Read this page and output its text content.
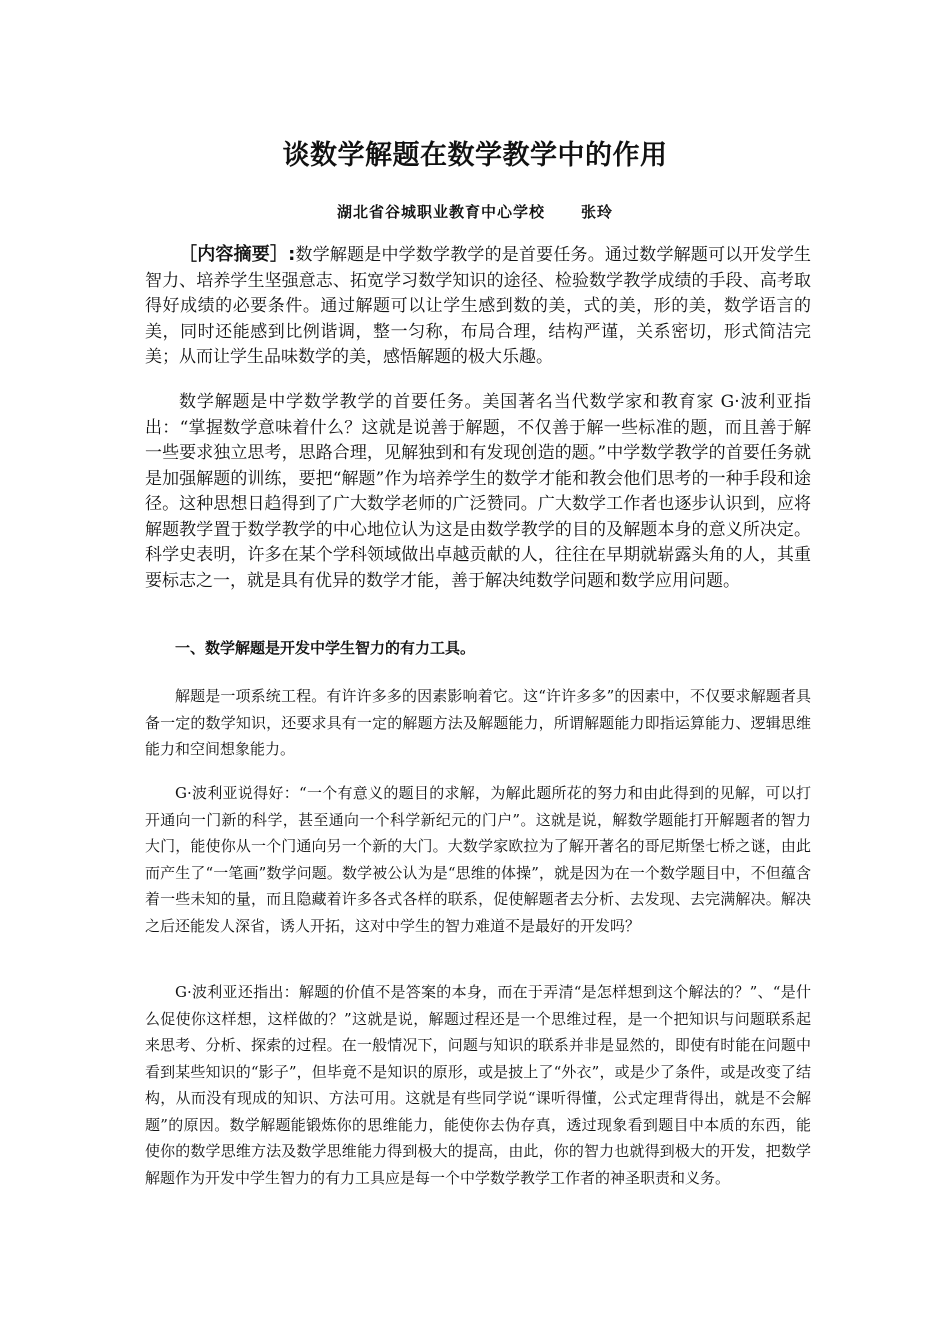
谈数学解题在数学教学中的作用
湖北省谷城职业教育中心学校 张玲

［内容摘要］:数学解题是中学数学教学的是首要任务。通过数学解题可以开发学生智力、培养学生坚强意志、拓宽学习数学知识的途径、检验数学教学成绩的手段、高考取得好成绩的必要条件。通过解题可以让学生感到数的美，式的美，形的美，数学语言的美，同时还能感到比例谐调，整一匀称，布局合理，结构严谨，关系密切，形式简洁完美；从而让学生品味数学的美，感悟解题的极大乐趣。

数学解题是中学数学教学的首要任务。美国著名当代数学家和教育家 G·波利亚指出：“掌握数学意味着什么？这就是说善于解题，不仅善于解一些标准的题，而且善于解一些要求独立思考，思路合理，见解独到和有发现创造的题。”中学数学教学的首要任务就是加强解题的训练，要把“解题”作为培养学生的数学才能和教会他们思考的一种手段和途径。这种思想日趋得到了广大数学老师的广泛赞同。广大数学工作者也逐步认识到，应将解题教学置于数学教学的中心地位认为这是由数学教学的目的及解题本身的意义所决定。科学史表明，许多在某个学科领域做出卓越贡献的人，往往在早期就崭露头角的人，其重要标志之一，就是具有优异的数学才能，善于解决纯数学问题和数学应用问题。

一、数学解题是开发中学生智力的有力工具。

解题是一项系统工程。有许许多多的因素影响着它。这“许许多多”的因素中，不仅要求解题者具备一定的数学知识，还要求具有一定的解题方法及解题能力，所谓解题能力即指运算能力、逻辑思维能力和空间想象能力。

G·波利亚说得好：“一个有意义的题目的求解，为解此题所花的努力和由此得到的见解，可以打开通向一门新的科学，甚至通向一个科学新纪元的门户”。这就是说，解数学题能打开解题者的智力大门，能使你从一个门通向另一个新的大门。大数学家欧拉为了解开著名的哥尼斯堡七桥之谜，由此而产生了“一笔画”数学问题。数学被公认为是“思维的体操”，就是因为在一个数学题目中，不但蕴含着一些未知的量，而且隐藏着许多各式各样的联系，促使解题者去分析、去发现、去完满解决。解决之后还能发人深省，诱人开拓，这对中学生的智力难道不是最好的开发吗？

G·波利亚还指出：解题的价值不是答案的本身，而在于弄清“是怎样想到这个解法的？”、“是什么促使你这样想，这样做的？”这就是说，解题过程还是一个思维过程，是一个把知识与问题联系起来思考、分析、探索的过程。在一般情况下，问题与知识的联系并非是显然的，即使有时能在问题中看到某些知识的“影子”，但毕竟不是知识的原形，或是披上了“外衣”，或是少了条件，或是改变了结构，从而没有现成的知识、方法可用。这就是有些同学说“课听得懂，公式定理背得出，就是不会解题”的原因。数学解题能锻炼你的思维能力，能使你去伪存真，透过现象看到题目中本质的东西，能使你的数学思维方法及数学思维能力得到极大的提高，由此，你的智力也就得到极大的开发，把数学解题作为开发中学生智力的有力工具应是每一个中学数学教学工作者的神圣职责和义务。
